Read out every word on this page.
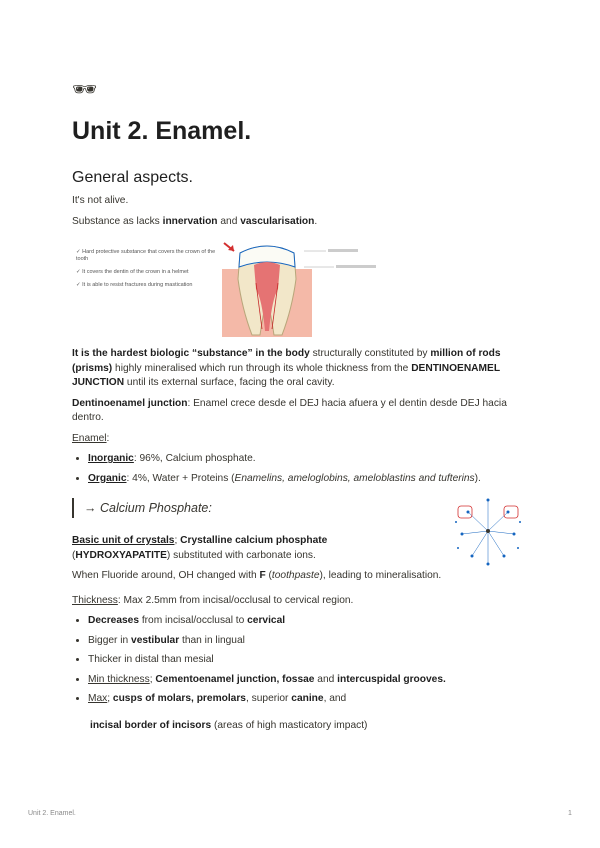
🕶
Unit 2. Enamel.
General aspects.

It's not alive.

Substance as lacks innervation and vascularisation.

✓ Hard protective substance that covers the crown of the tooth
✓ It covers the dentin of the crown in a helmet
✓ It is able to resist fractures during mastication

It is the hardest biologic “substance” in the body structurally constituted by million of rods (prisms) highly mineralised which run through its whole thickness from the DENTINOENAMEL JUNCTION until its external surface, facing the oral cavity.

Dentinoenamel junction: Enamel crece desde el DEJ hacia afuera y el dentin desde DEJ hacia dentro.

Enamel:

• Inorganic: 96%, Calcium phosphate.
• Organic: 4%, Water + Proteins (Enamelins, ameloglobins, ameloblastins and tufterins).
→ Calcium Phosphate:

Basic unit of crystals; Crystalline calcium phosphate
(HYDROXYAPATITE) substituted with carbonate ions.

When Fluoride around, OH changed with F (toothpaste), leading to mineralisation.

Thickness: Max 2.5mm from incisal/occlusal to cervical region.

• Decreases from incisal/occlusal to cervical
• Bigger in vestibular than in lingual
• Thicker in distal than mesial
• Min thickness; Cementoenamel junction, fossae and intercuspidal grooves.
• Max; cusps of molars, premolars, superior canine, and

incisal border of incisors (areas of high masticatory impact)

Unit 2. Enamel.	1
